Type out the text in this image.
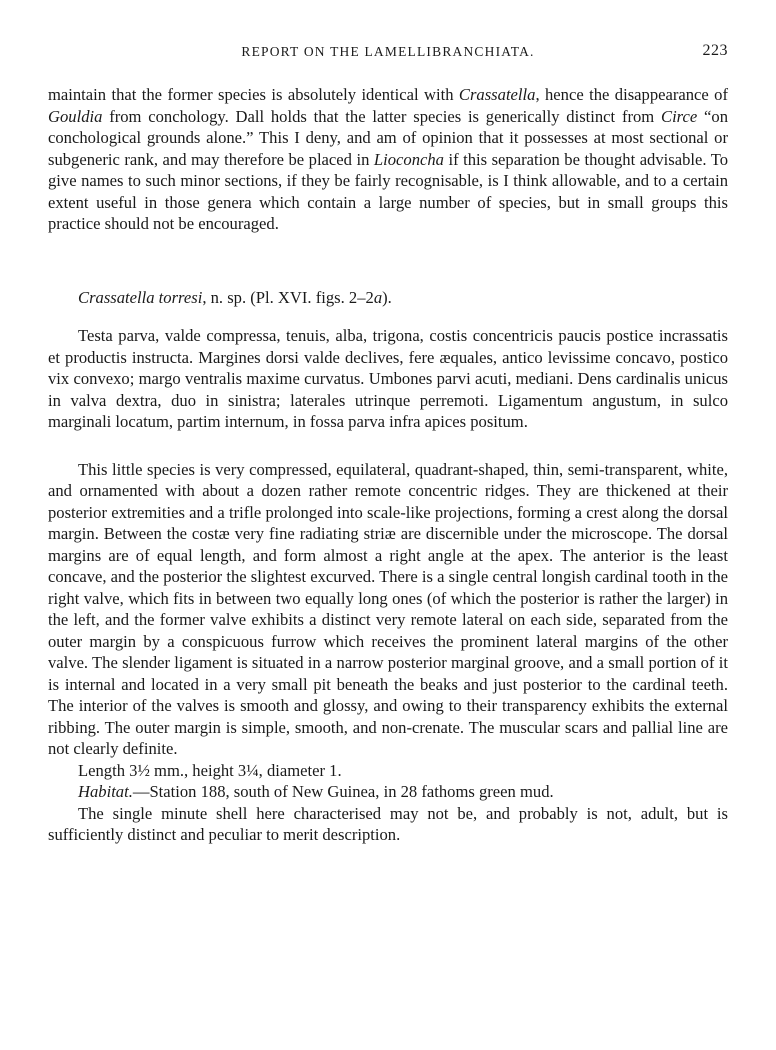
REPORT ON THE LAMELLIBRANCHIATA.	223

maintain that the former species is absolutely identical with Crassatella, hence the disappearance of Gouldia from conchology. Dall holds that the latter species is generically distinct from Circe “on conchological grounds alone.” This I deny, and am of opinion that it possesses at most sectional or subgeneric rank, and may therefore be placed in Lioconcha if this separation be thought advisable. To give names to such minor sections, if they be fairly recognisable, is I think allowable, and to a certain extent useful in those genera which contain a large number of species, but in small groups this practice should not be encouraged.

Crassatella torresi, n. sp. (Pl. XVI. figs. 2–2a).

Testa parva, valde compressa, tenuis, alba, trigona, costis concentricis paucis postice incrassatis et productis instructa. Margines dorsi valde declives, fere æquales, antico levissime concavo, postico vix convexo; margo ventralis maxime curvatus. Umbones parvi acuti, mediani. Dens cardinalis unicus in valva dextra, duo in sinistra; laterales utrinque perremoti. Ligamentum angustum, in sulco marginali locatum, partim internum, in fossa parva infra apices positum.

This little species is very compressed, equilateral, quadrant-shaped, thin, semi-transparent, white, and ornamented with about a dozen rather remote concentric ridges. They are thickened at their posterior extremities and a trifle prolonged into scale-like projections, forming a crest along the dorsal margin. Between the costæ very fine radiating striæ are discernible under the microscope. The dorsal margins are of equal length, and form almost a right angle at the apex. The anterior is the least concave, and the posterior the slightest excurved. There is a single central longish cardinal tooth in the right valve, which fits in between two equally long ones (of which the posterior is rather the larger) in the left, and the former valve exhibits a distinct very remote lateral on each side, separated from the outer margin by a conspicuous furrow which receives the prominent lateral margins of the other valve. The slender ligament is situated in a narrow posterior marginal groove, and a small portion of it is internal and located in a very small pit beneath the beaks and just posterior to the cardinal teeth. The interior of the valves is smooth and glossy, and owing to their transparency exhibits the external ribbing. The outer margin is simple, smooth, and non-crenate. The muscular scars and pallial line are not clearly definite.

Length 3½ mm., height 3¼, diameter 1.

Habitat.—Station 188, south of New Guinea, in 28 fathoms green mud.

The single minute shell here characterised may not be, and probably is not, adult, but is sufficiently distinct and peculiar to merit description.
